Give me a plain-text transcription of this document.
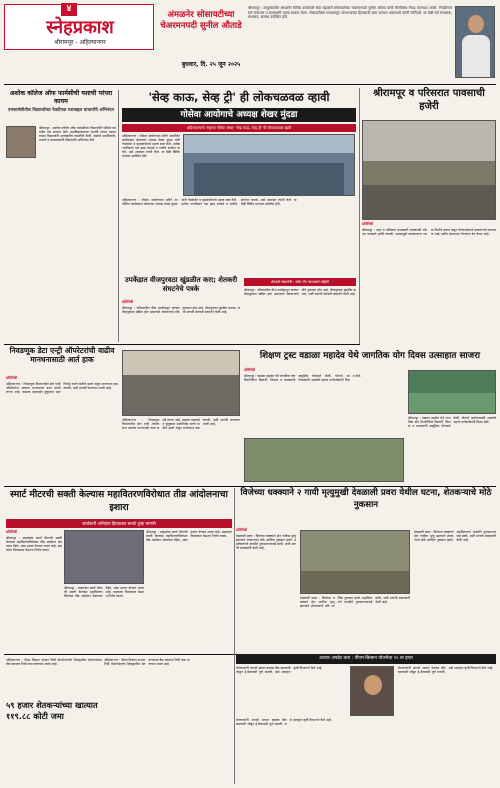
४
स्नेहप्रकाश
श्रीरामपूर - अहिल्यानगर
बुधवार, दि. २५ जून २०२५
अंमळनेर सोसायटीच्या चेअरमनपदी सुनील औताडे
श्रीरामपूर : तालुक्यातील अंमळनेर विविध कार्यकारी सेवा सहकारी सोसायटीच्या चेअरमनपदी सुनील औताडे यांची बिनविरोध निवड करण्यात आली. निवडीनंतर सर्व संचालक व ग्रामस्थांनी त्यांचा सत्कार केला. सोसायटीच्या माध्यमातून शेतकऱ्यांच्या हितासाठी काम करणार असल्याचे त्यांनी सांगितले. या वेळी सर्व संचालक, सभासद, ग्रामस्थ उपस्थित होते.
अशोक कॉलेज ऑफ फार्मसीची यशाची परंपरा कायम
एमफार्मसीतील विद्यार्थ्यांच्या नेत्रदीपक यशाबद्दल प्राचार्यांचे अभिनंदन
श्रीरामपूर : अशोक कॉलेज ऑफ फार्मसीच्या विद्यार्थ्यांनी परीक्षेत घवघवीत यश संपादन केले. महाविद्यालयाच्या यशाची परंपरा कायम राखत विद्यार्थ्यांनी उल्लेखनीय कामगिरी केली. संस्थेचे पदाधिकारी, प्राचार्य व प्राध्यापकांनी विद्यार्थ्यांचे अभिनंदन केले.
'सेव्ह काऊ, सेव्ह ट्री' ही लोकचळवळ व्हावी
गोसेवा आयोगाचे अध्यक्ष शेखर मुंदडा
अहिल्यानगरचे 'राष्ट्रसंत गोसेवा संस्था' 'सेव्ह काऊ, सेव्ह ट्री' ची लोकचळवळ व्हावी
अहिल्यानगर : गोसेवा आयोगाच्या वतीने आयोजित कार्यक्रमात बोलताना अध्यक्ष शेखर मुंदडा यांनी गोसंवर्धन व वृक्षसंवर्धनाचे महत्त्व स्पष्ट केले. प्रत्येक नागरिकाने एक झाड लावावे व गायीचे संगोपन करावे, असे आवाहन त्यांनी केले. या वेळी विविध मान्यवर उपस्थित होते.
अहिल्यानगर : गोसेवा आयोगाच्या वतीने आयोजित कार्यक्रमात बोलताना अध्यक्ष शेखर मुंदडा यांनी गोसंवर्धन व वृक्षसंवर्धनाचे महत्त्व स्पष्ट केले. प्रत्येक नागरिकाने एक झाड लावावे व गायीचे संगोपन करावे, असे आवाहन त्यांनी केले. या वेळी विविध मान्यवर उपस्थित होते.
श्रीरामपूर व परिसरात पावसाची हजेरी
प्रतिनिधी
श्रीरामपूर : शहर व परिसरात मंगळवारी सायंकाळी जोरदार पावसाने हजेरी लावली. पावसामुळे वातावरणात गारवा निर्माण झाला असून शेतकऱ्यांमध्ये समाधानाचे वातावरण आहे. खरीप हंगामाच्या पेरण्यांना वेग येणार आहे.
उपकेंद्रात वीजपुरवठा खुंडळीत करा; शेतकरी संघटनेचे पत्रके
प्रतिनिधी
श्रीरामपूर : परिसरातील वीज उपकेंद्रातून वारंवार वीजपुरवठा खंडित होत असल्याने शेतकऱ्यांचे मोठे नुकसान होत आहे. वीजपुरवठा सुरळीत करावा, अशी मागणी शेतकरी संघटनेने केली आहे.
शेतकरी संघटनेची : स्टॉप टॉप जाणकारी माहिती
श्रीरामपूर : परिसरातील वीज उपकेंद्रातून वारंवार वीजपुरवठा खंडित होत असल्याने शेतकऱ्यांचे मोठे नुकसान होत आहे. वीजपुरवठा सुरळीत करावा, अशी मागणी शेतकरी संघटनेने केली आहे.
निवडणूक डेटा एन्ट्री ऑपरेटरांची वाढीव मानधनासाठी आर्त हाक
प्रतिनिधी
अहिल्यानगर : निवडणूक विभागातील डेटा एन्ट्री ऑपरेटरांना अत्यल्प मानधनावर काम करावे लागत आहे. वाढत्या महागाईत कुटुंबाचा उदरनिर्वाह करणे कठीण झाले असून मानधनात वाढ करावी, अशी मागणी करण्यात आली आहे.
अहिल्यानगर : निवडणूक विभागातील डेटा एन्ट्री ऑपरेटरांना अत्यल्प मानधनावर काम करावे लागत आहे. वाढत्या महागाईत कुटुंबाचा उदरनिर्वाह करणे कठीण झाले असून मानधनात वाढ करावी, अशी मागणी करण्यात आली आहे.
शिक्षण ट्रस्ट वडाळा महादेव येथे जागतिक योग दिवस उत्साहात साजरा
प्रतिनिधी
श्रीरामपूर : वडाळा महादेव येथे जागतिक योग दिनानिमित्त विद्यार्थी, शिक्षक व ग्रामस्थांनी सामूहिक योगासने केली. योगाचे आरोग्यासाठी असलेले महत्त्व मार्गदर्शकांनी विशद केले.
श्रीरामपूर : वडाळा महादेव येथे जागतिक योग दिनानिमित्त विद्यार्थी, शिक्षक व ग्रामस्थांनी सामूहिक योगासने केली. योगाचे आरोग्यासाठी असलेले महत्त्व मार्गदर्शकांनी विशद केले.
स्मार्ट मीटरची सक्ती केल्यास महावितरणविरोधात तीव्र आंदोलनाचा इशारा
कार्यकारी अभियंता हितवलात सतर्क पुन्हा मागणी
प्रतिनिधी
श्रीरामपूर : ग्राहकांवर स्मार्ट मीटरची सक्ती केल्यास महावितरणविरोधात तीव्र आंदोलन छेडण्यात येईल, असा इशारा देण्यात आला आहे. ग्राहकांना विश्वासात घेऊनच निर्णय घ्यावा.
श्रीरामपूर : ग्राहकांवर स्मार्ट मीटरची सक्ती केल्यास महावितरणविरोधात तीव्र आंदोलन छेडण्यात येईल, असा इशारा देण्यात आला आहे. ग्राहकांना विश्वासात घेऊनच निर्णय घ्यावा.
श्रीरामपूर : ग्राहकांवर स्मार्ट मीटरची सक्ती केल्यास महावितरणविरोधात तीव्र आंदोलन छेडण्यात येईल, असा इशारा देण्यात आला आहे. ग्राहकांना विश्वासात घेऊनच निर्णय घ्यावा.
विजेच्या धक्क्याने २ गायी मृत्युमुखी देवळाली प्रवरा येथील घटना, शेतकऱ्याचे मोठे नुकसान
प्रतिनिधी
देवळाली प्रवरा : विजेच्या धक्क्याने दोन गायींचा मृत्यू झाल्याने शेतकऱ्याचे मोठे आर्थिक नुकसान झाले. महावितरणने तातडीने नुकसानभरपाई द्यावी, अशी मागणी ग्रामस्थांनी केली आहे.
देवळाली प्रवरा : विजेच्या धक्क्याने दोन गायींचा मृत्यू झाल्याने शेतकऱ्याचे मोठे आर्थिक नुकसान झाले. महावितरणने तातडीने नुकसानभरपाई द्यावी, अशी मागणी ग्रामस्थांनी केली आहे.
देवळाली प्रवरा : विजेच्या धक्क्याने दोन गायींचा मृत्यू झाल्याने शेतकऱ्याचे मोठे आर्थिक नुकसान झाले. महावितरणने तातडीने नुकसानभरपाई द्यावी, अशी मागणी ग्रामस्थांनी केली आहे.
५९ हजार शेतकऱ्यांच्या खात्यात ११९.८८ कोटी जमा
अहिल्यानगर : पीएम किसान सन्मान निधी योजनेअंतर्गत जिल्ह्यातील शेतकऱ्यांच्या बँक खात्यात निधी जमा करण्यात आला आहे.
अहिल्यानगर : पीएम किसान सन्मान निधी योजनेअंतर्गत जिल्ह्यातील शेतकऱ्यांच्या बँक खात्यात निधी जमा करण्यात आला आहे.
आधार अपडेट करा : पीएम-किसान योजनेचा २० वा हप्ता
शेतकऱ्यांनी आपले आधार क्रमांक बँक खात्याशी जोडून ई-केवायसी पूर्ण करावी, असे आवाहन कृषी विभागाने केले आहे.	शेतकऱ्यांनी आपले आधार क्रमांक बँक खात्याशी जोडून ई-केवायसी पूर्ण करावी, असे आवाहन कृषी विभागाने केले आहे.
शेतकऱ्यांनी आपले आधार क्रमांक बँक खात्याशी जोडून ई-केवायसी पूर्ण करावी, असे आवाहन कृषी विभागाने केले आहे.
